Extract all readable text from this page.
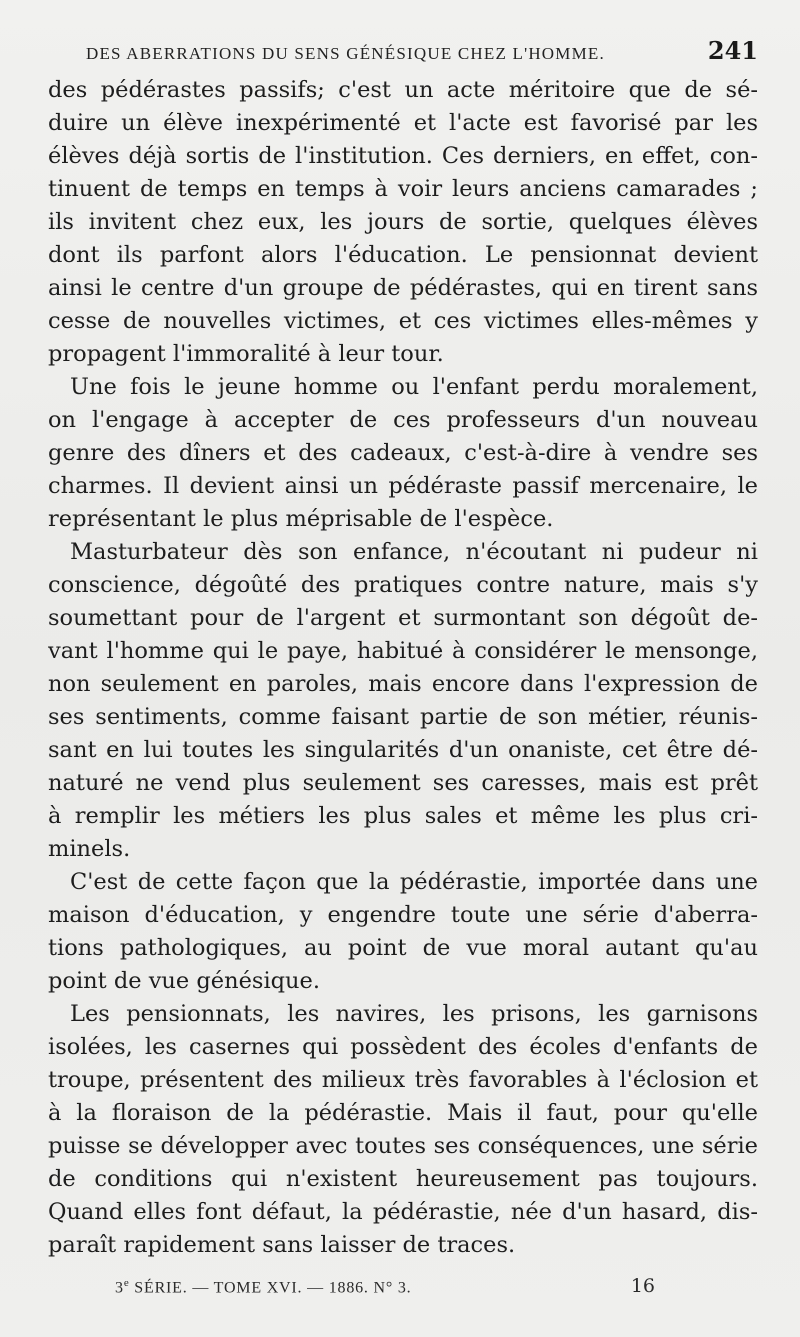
DES ABERRATIONS DU SENS GÉNÉSIQUE CHEZ L'HOMME.	241
des pédérastes passifs; c'est un acte méritoire que de sé-
duire un élève inexpérimenté et l'acte est favorisé par les
élèves déjà sortis de l'institution. Ces derniers, en effet, con-
tinuent de temps en temps à voir leurs anciens camarades ;
ils invitent chez eux, les jours de sortie, quelques élèves
dont ils parfont alors l'éducation. Le pensionnat devient
ainsi le centre d'un groupe de pédérastes, qui en tirent sans
cesse de nouvelles victimes, et ces victimes elles-mêmes y
propagent l'immoralité à leur tour.
Une fois le jeune homme ou l'enfant perdu moralement,
on l'engage à accepter de ces professeurs d'un nouveau
genre des dîners et des cadeaux, c'est-à-dire à vendre ses
charmes. Il devient ainsi un pédéraste passif mercenaire, le
représentant le plus méprisable de l'espèce.
Masturbateur dès son enfance, n'écoutant ni pudeur ni
conscience, dégoûté des pratiques contre nature, mais s'y
soumettant pour de l'argent et surmontant son dégoût de-
vant l'homme qui le paye, habitué à considérer le mensonge,
non seulement en paroles, mais encore dans l'expression de
ses sentiments, comme faisant partie de son métier, réunis-
sant en lui toutes les singularités d'un onaniste, cet être dé-
naturé ne vend plus seulement ses caresses, mais est prêt
à remplir les métiers les plus sales et même les plus cri-
minels.
C'est de cette façon que la pédérastie, importée dans une
maison d'éducation, y engendre toute une série d'aberra-
tions pathologiques, au point de vue moral autant qu'au
point de vue génésique.
Les pensionnats, les navires, les prisons, les garnisons
isolées, les casernes qui possèdent des écoles d'enfants de
troupe, présentent des milieux très favorables à l'éclosion et
à la floraison de la pédérastie. Mais il faut, pour qu'elle
puisse se développer avec toutes ses conséquences, une série
de conditions qui n'existent heureusement pas toujours.
Quand elles font défaut, la pédérastie, née d'un hasard, dis-
paraît rapidement sans laisser de traces.
3e SÉRIE. — TOME XVI. — 1886. N° 3.	16
